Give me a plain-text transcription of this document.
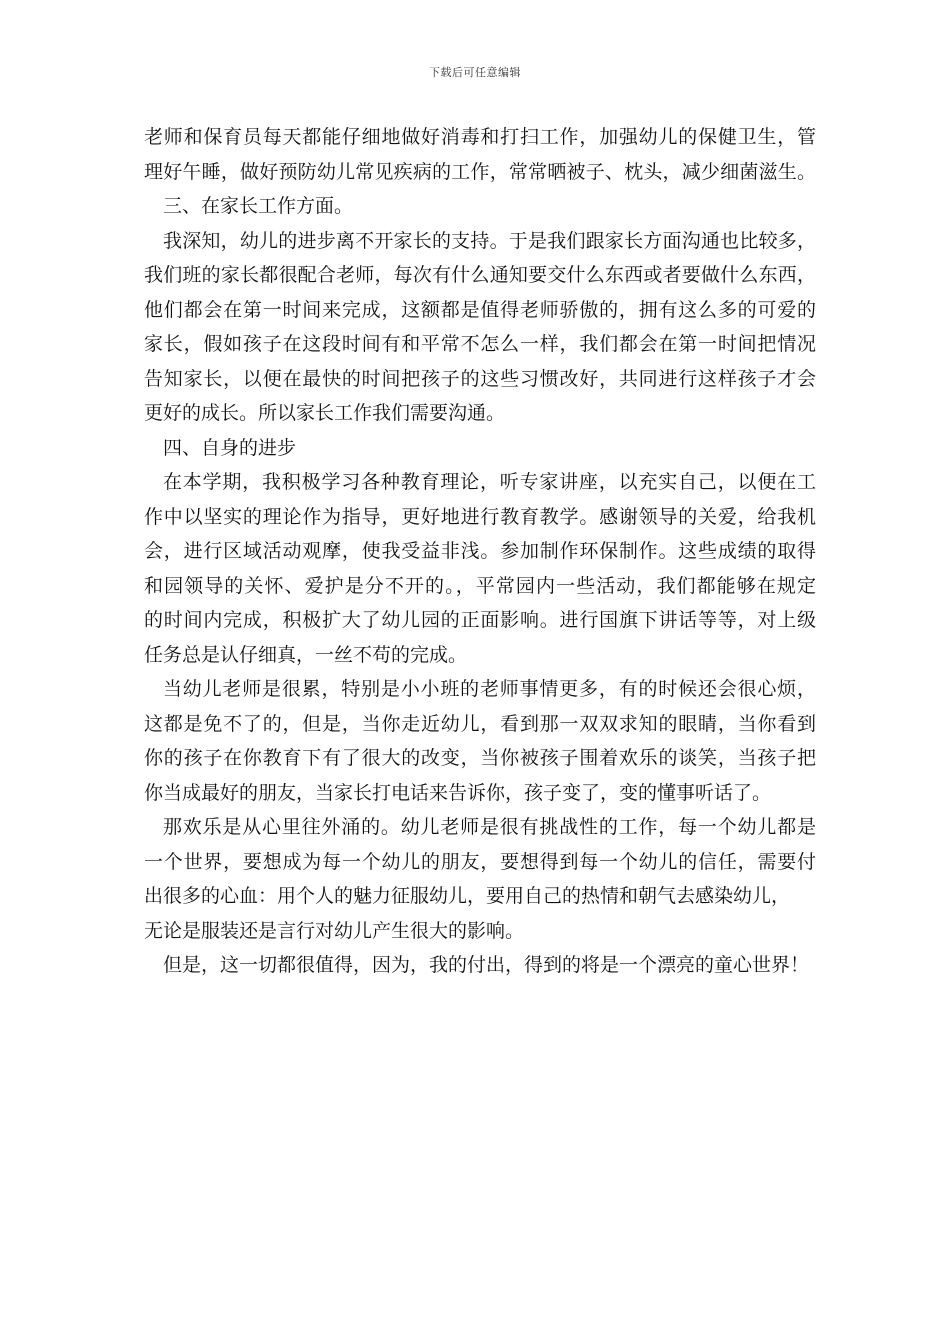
下载后可任意编辑
老师和保育员每天都能仔细地做好消毒和打扫工作，加强幼儿的保健卫生，管
理好午睡，做好预防幼儿常见疾病的工作，常常晒被子、枕头，减少细菌滋生。
三、在家长工作方面。
我深知，幼儿的进步离不开家长的支持。于是我们跟家长方面沟通也比较多，
我们班的家长都很配合老师，每次有什么通知要交什么东西或者要做什么东西，
他们都会在第一时间来完成，这额都是值得老师骄傲的，拥有这么多的可爱的
家长，假如孩子在这段时间有和平常不怎么一样，我们都会在第一时间把情况
告知家长，以便在最快的时间把孩子的这些习惯改好，共同进行这样孩子才会
更好的成长。所以家长工作我们需要沟通。
四、自身的进步
在本学期，我积极学习各种教育理论，听专家讲座，以充实自己，以便在工
作中以坚实的理论作为指导，更好地进行教育教学。感谢领导的关爱，给我机
会，进行区域活动观摩，使我受益非浅。参加制作环保制作。这些成绩的取得
和园领导的关怀、爱护是分不开的。，平常园内一些活动，我们都能够在规定
的时间内完成，积极扩大了幼儿园的正面影响。进行国旗下讲话等等，对上级
任务总是认仔细真，一丝不苟的完成。
当幼儿老师是很累，特别是小小班的老师事情更多，有的时候还会很心烦，
这都是免不了的，但是，当你走近幼儿，看到那一双双求知的眼睛，当你看到
你的孩子在你教育下有了很大的改变，当你被孩子围着欢乐的谈笑，当孩子把
你当成最好的朋友，当家长打电话来告诉你，孩子变了，变的懂事听话了。
那欢乐是从心里往外涌的。幼儿老师是很有挑战性的工作，每一个幼儿都是
一个世界，要想成为每一个幼儿的朋友，要想得到每一个幼儿的信任，需要付
出很多的心血：用个人的魅力征服幼儿，要用自己的热情和朝气去感染幼儿，
无论是服装还是言行对幼儿产生很大的影响。
但是，这一切都很值得，因为，我的付出，得到的将是一个漂亮的童心世界！
